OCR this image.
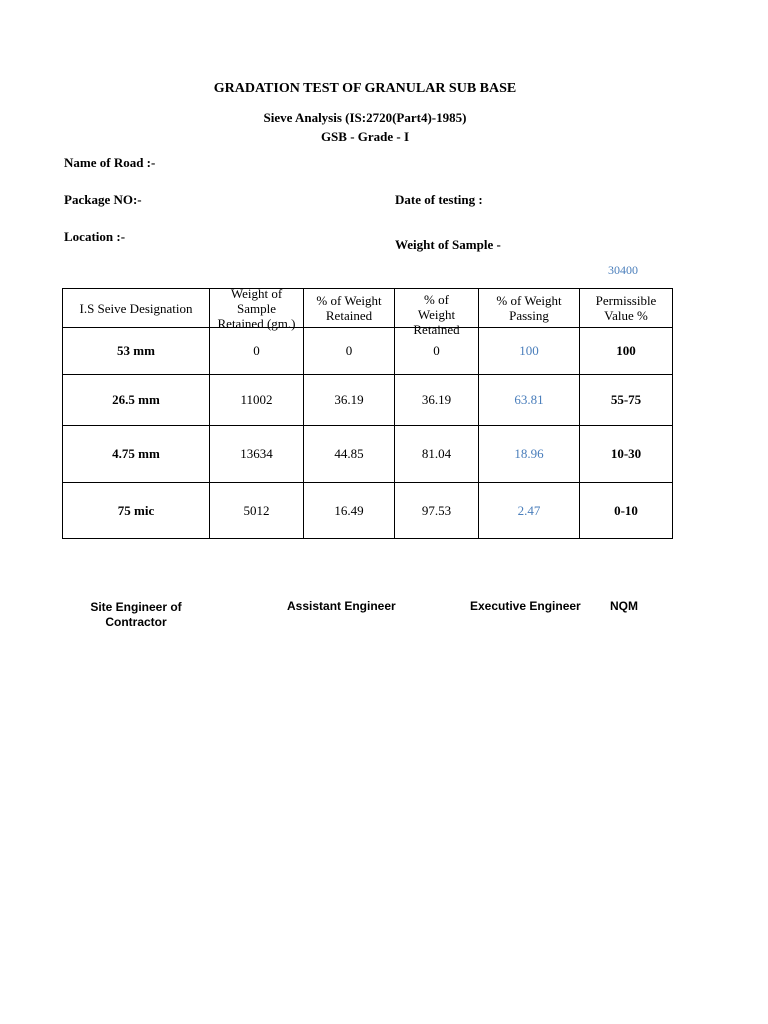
GRADATION TEST OF GRANULAR SUB BASE
Sieve Analysis (IS:2720(Part4)-1985)
GSB - Grade - I
Name of Road :-
Package NO:-	Date of testing :
Location :-
Weight of Sample -
30400
I.S Seive Designation	Weight of Sample Retained (gm.)	% of Weight Retained	% of Weight Retained	% of Weight Passing	Permissible Value %

53 mm	0	0	0	100	100
26.5 mm	11002	36.19	36.19	63.81	55-75
4.75 mm	13634	44.85	81.04	18.96	10-30
75 mic	5012	16.49	97.53	2.47	0-10
Site Engineer of Contractor
Assistant Engineer	Executive Engineer NQM
